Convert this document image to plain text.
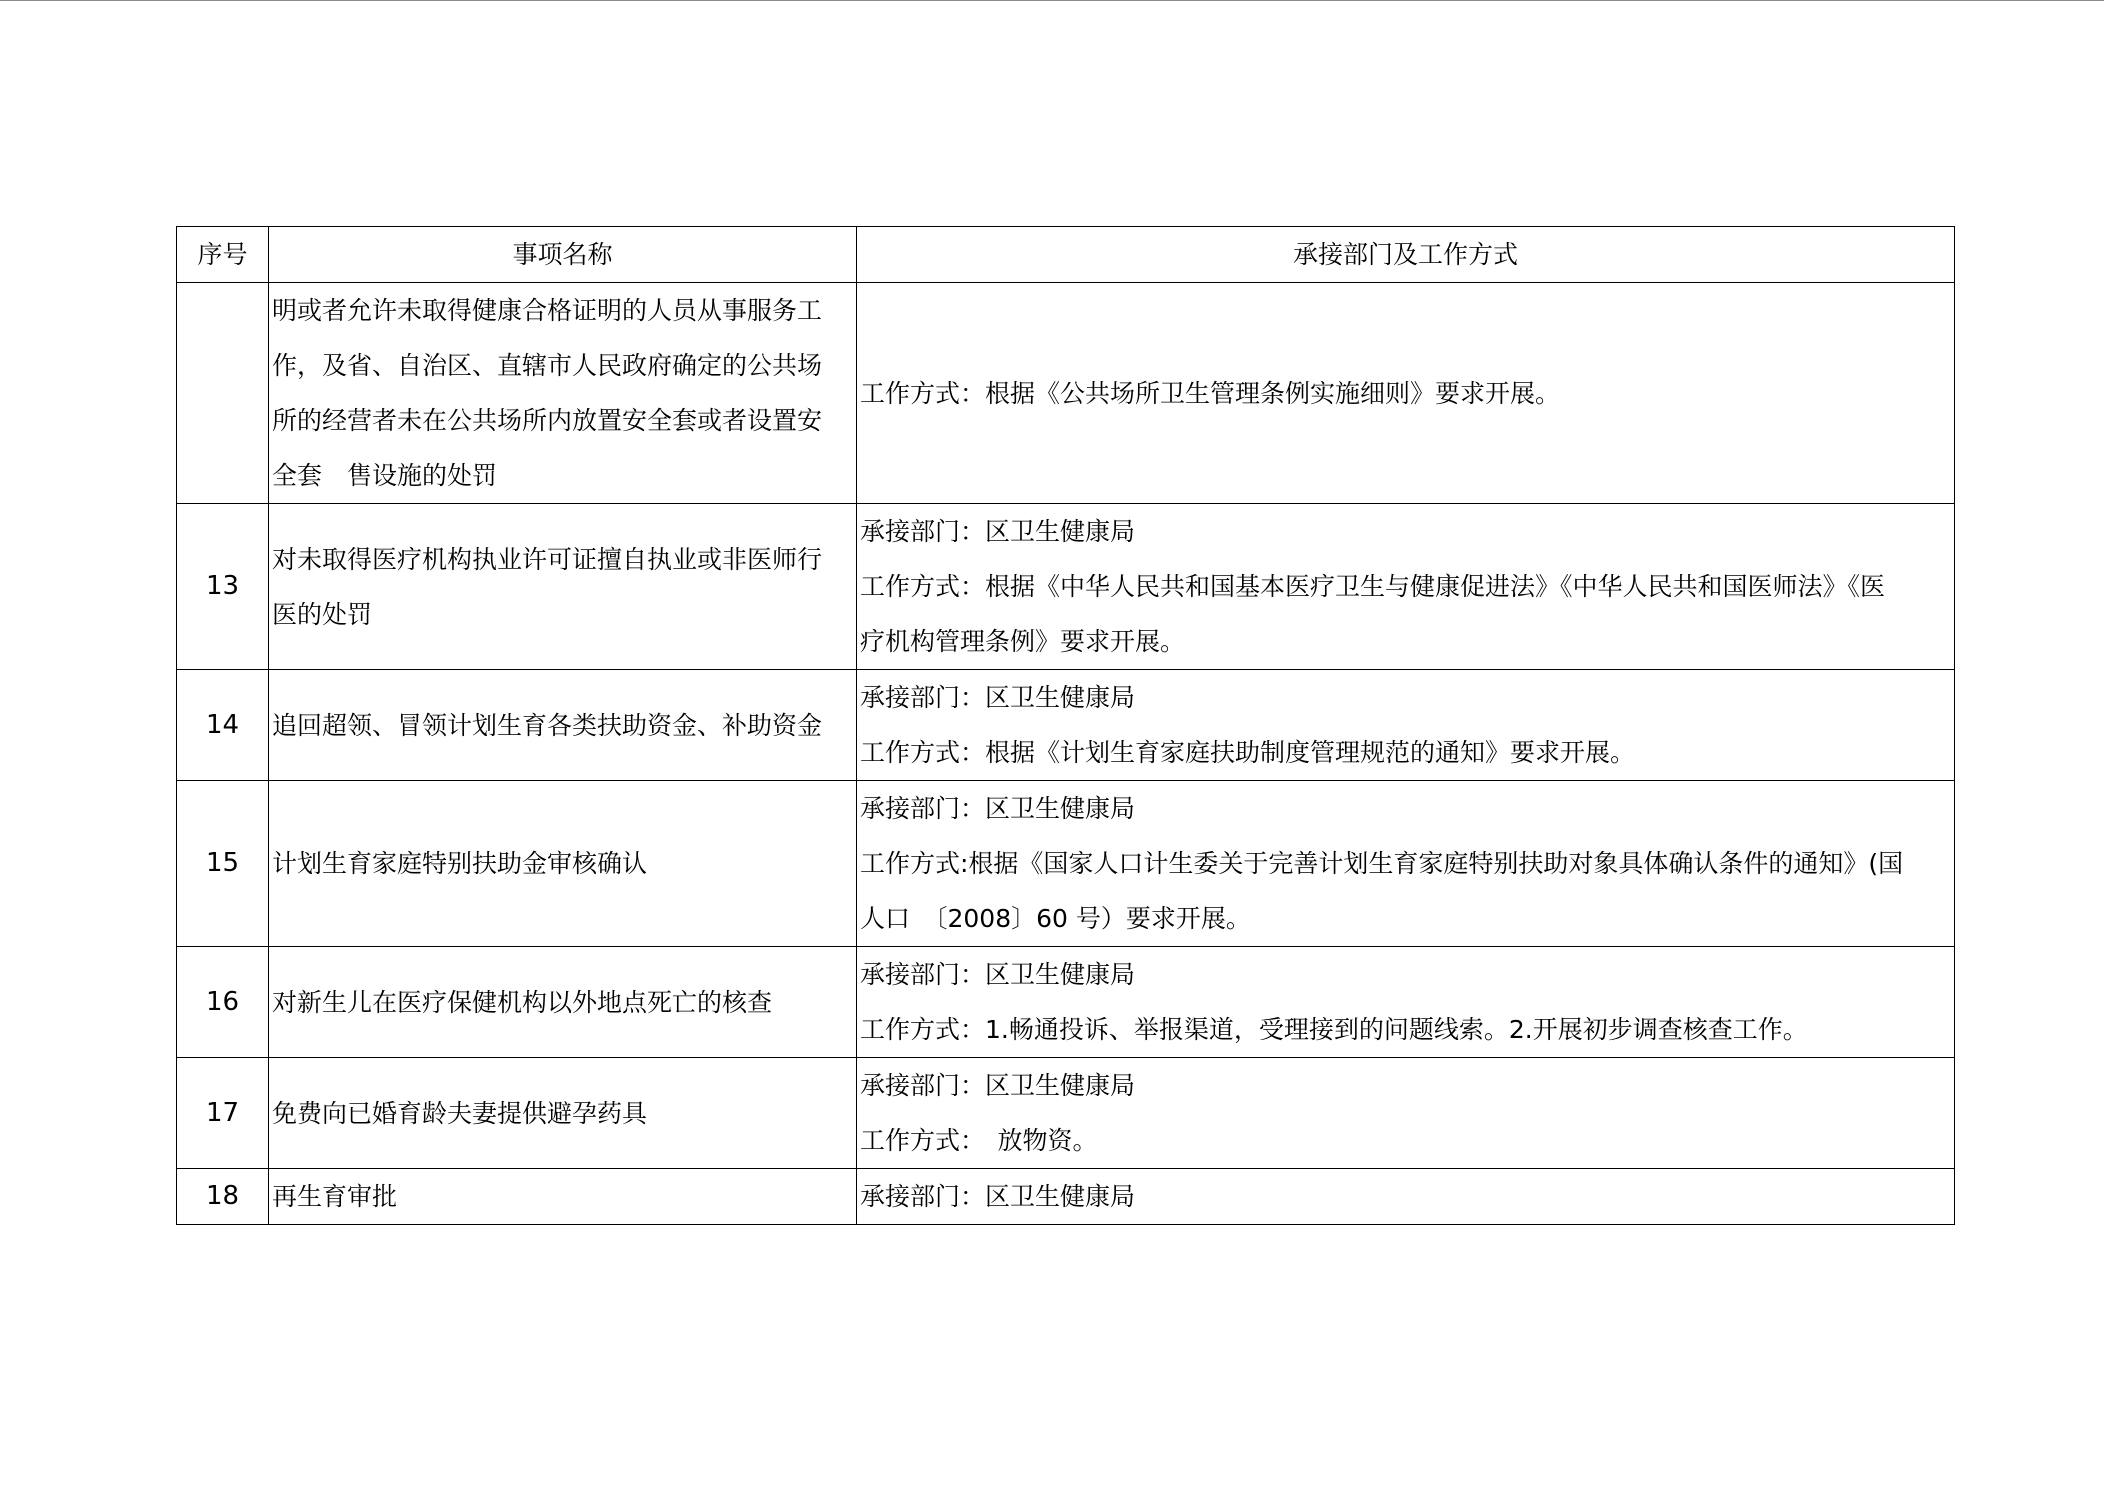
序号	事项名称	承接部门及工作方式

	明或者允许未取得健康合格证明的人员从事服务工
作，及省、自治区、直辖市人民政府确定的公共场
所的经营者未在公共场所内放置安全套或者设置安
全套　售设施的处罚	工作方式：根据《公共场所卫生管理条例实施细则》要求开展。

13	对未取得医疗机构执业许可证擅自执业或非医师行
医的处罚	承接部门：区卫生健康局
工作方式：根据《中华人民共和国基本医疗卫生与健康促进法》《中华人民共和国医师法》《医
疗机构管理条例》要求开展。

14	追回超领、冒领计划生育各类扶助资金、补助资金	承接部门：区卫生健康局
工作方式：根据《计划生育家庭扶助制度管理规范的通知》要求开展。

15	计划生育家庭特别扶助金审核确认	承接部门：区卫生健康局
工作方式:根据《国家人口计生委关于完善计划生育家庭特别扶助对象具体确认条件的通知》(国
人口　〔2008〕60 号）要求开展。

16	对新生儿在医疗保健机构以外地点死亡的核查	承接部门：区卫生健康局
工作方式：1.畅通投诉、举报渠道，受理接到的问题线索。2.开展初步调查核查工作。

17	免费向已婚育龄夫妻提供避孕药具	承接部门：区卫生健康局
工作方式：　放物资。

18	再生育审批	承接部门：区卫生健康局
